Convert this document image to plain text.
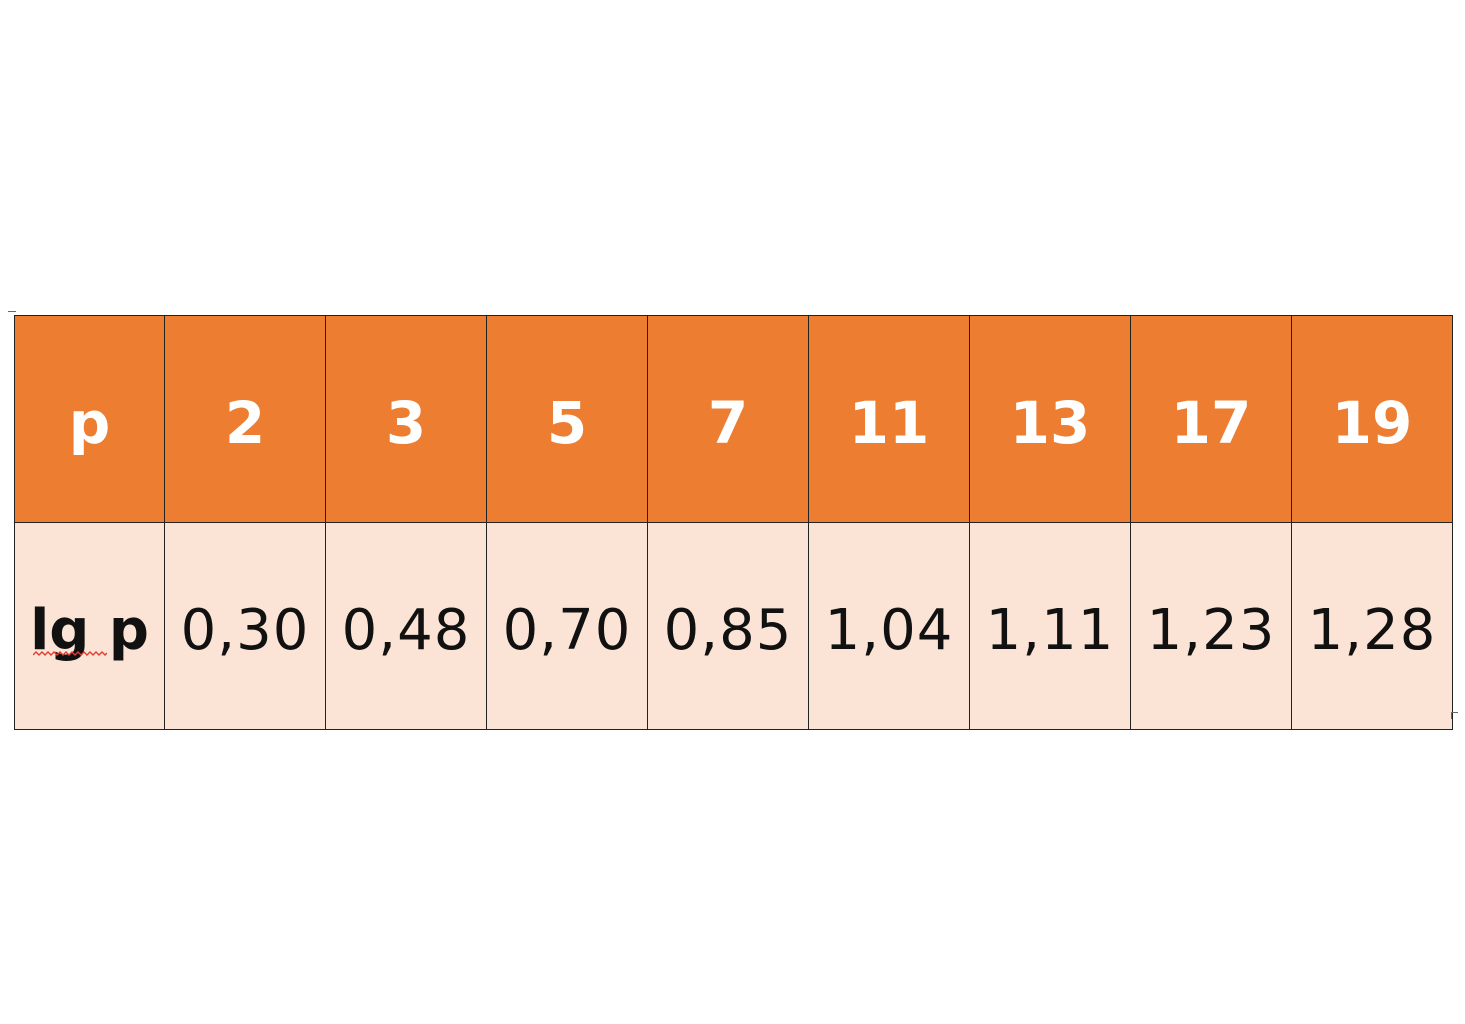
p	2	3	5	7	11	13	17	19
lg p	0,30	0,48	0,70	0,85	1,04	1,11	1,23	1,28
